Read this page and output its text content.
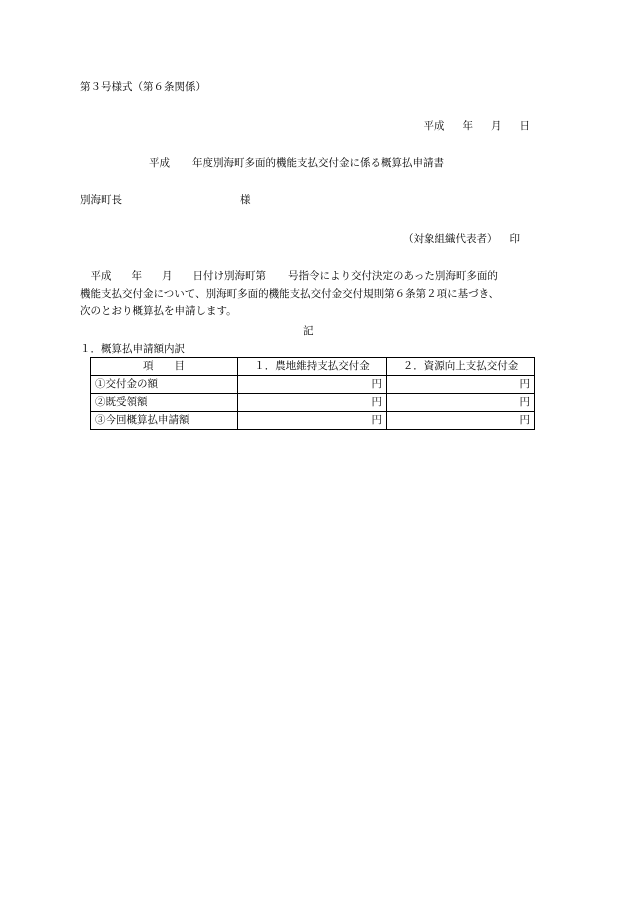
第３号様式（第６条関係）
平成 年 月 日
平成 年度別海町多面的機能支払交付金に係る概算払申請書
別海町長	様
（対象組織代表者） 印
　平成 年 月 日付け別海町第 号指令により交付決定のあった別海町多面的
機能支払交付金について、別海町多面的機能支払交付金交付規則第６条第２項に基づき、
次のとおり概算払を申請します。
記
１．概算払申請額内訳
項　　目	１．農地維持支払交付金	２．資源向上支払交付金
①交付金の額	円	円
②既受領額	円	円
③今回概算払申請額	円	円
